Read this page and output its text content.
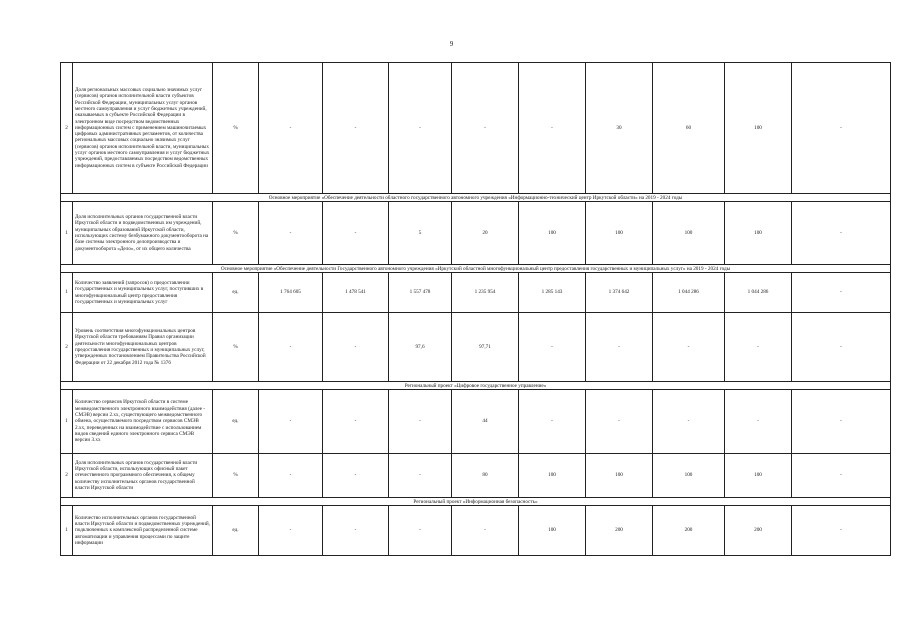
9
2	Доля региональных массовых социально значимых услуг (сервисов) органов исполнительной власти субъектов Российской Федерации, муниципальных услуг органов местного самоуправления и услуг бюджетных учреждений, оказываемых в субъекте Российской Федерации в электронном виде посредством ведомственных информационных систем с применением машиночитаемых цифровых административных регламентов, от количества региональных массовых социально значимых услуг (сервисов) органов исполнительной власти, муниципальных услуг органов местного самоуправления и услуг бюджетных учреждений, предоставляемых посредством ведомственных информационных систем в субъекте Российской Федерации	%	-	-	-	-	-	30	60	100	-
Основное мероприятие «Обеспечение деятельности областного государственного автономного учреждения «Информационно-технический центр Иркутской области» на 2019 - 2024 годы											
1	Доля исполнительных органов государственной власти Иркутской области и подведомственных им учреждений, муниципальных образований Иркутской области, использующих систему безбумажного документооборота на базе системы электронного делопроизводства и документооборота «Дело», от их общего количества	%	-	-	5	20	100	100	100	100	-
Основное мероприятие «Обеспечение деятельности Государственного автономного учреждения «Иркутский областной многофункциональный центр предоставления государственных и муниципальных услуг» на 2019 - 2024 годы											
1	Количество заявлений (запросов) о предоставлении государственных и муниципальных услуг, поступивших в многофункциональный центр предоставления государственных и муниципальных услуг	ед.	1 764 605	1 478 541	1 557 478	1 235 954	1 285 143	1 374 642	1 044 286	1 044 286	-
2	Уровень соответствия многофункциональных центров Иркутской области требованиям Правил организации деятельности многофункциональных центров предоставления государственных и муниципальных услуг, утвержденных постановлением Правительства Российской Федерации от 22 декабря 2012 года № 1376	%	-	-	97,6	97,71	-	-	-	-	-
Региональный проект «Цифровое государственное управление»											
1	Количество сервисов Иркутской области в системе межведомственного электронного взаимодействия (далее - СМЭВ) версии 2.хх, существующего межведомственного обмена, осуществляемого посредством сервисов СМЭВ 2.хх, переведенных на взаимодействие с использованием видов сведений единого электронного сервиса СМЭВ версии 3.хх	ед.	-	-	-	44	-	-	-	-	-
2	Доля исполнительных органов государственной власти Иркутской области, использующих офисный пакет отечественного программного обеспечения, к общему количеству исполнительных органов государственной власти Иркутской области	%	-	-	-	80	100	100	100	100	-
Региональный проект «Информационная безопасность»											
1	Количество исполнительных органов государственной власти Иркутской области и подведомственных учреждений, подключенных к комплексной распределенной системе автоматизации и управления процессами по защите информации	ед.	-	-	-	-	100	200	200	200	-
